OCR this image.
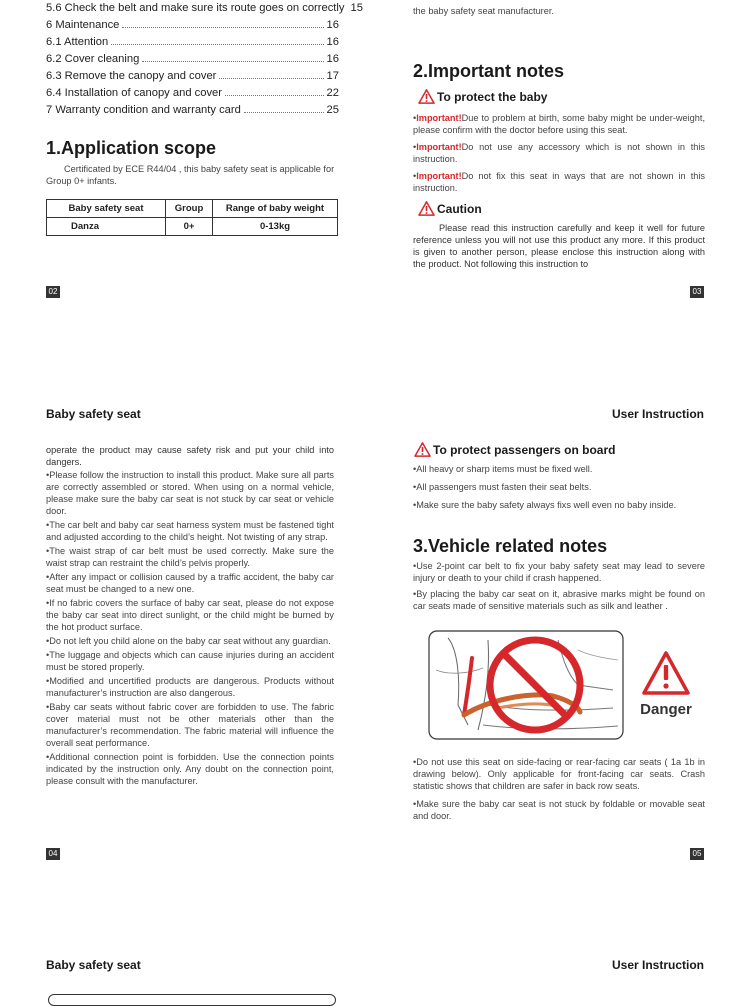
5.6 Check the belt and make sure its route goes on correctly 15
6 Maintenance	16
6.1 Attention	16
6.2 Cover cleaning	16
6.3 Remove the canopy and cover	17
6.4 Installation of canopy and cover	22
7 Warranty condition and warranty card	25
1.Application scope
Certificated by ECE R44/04 , this baby safety seat is applicable for Group 0+ infants.
Baby safety seat	Group	Range of baby weight
Danza	0+	0-13kg
02
the baby safety seat manufacturer.
2.Important notes
To protect the baby
•Important!Due to problem at birth, some baby might be under-weight, please confirm with the doctor before using this seat.
•Important!Do not use any accessory which is not shown in this instruction.
•Important!Do not fix this seat in ways that are not shown in this instruction.
Caution
Please read this instruction carefully and keep it well for future reference unless you will not use this product any more. If this product is given to another person, please enclose this instruction along with the product. Not following this instruction to
03
Baby safety seat
operate the product may cause safety risk and put your child into dangers.
•Please follow the instruction to install this product. Make sure all parts are correctly assembled or stored. When using on a normal vehicle, please make sure the baby car seat is not stuck by car seat or vehicle door.
•The car belt and baby car seat harness system must be fastened tight and adjusted according to the child’s height. Not twisting of any strap.
•The waist strap of car belt must be used correctly. Make sure the waist strap can restraint the child’s pelvis properly.
•After any impact or collision caused by a traffic accident, the baby car seat must be changed to a new one.
•If no fabric covers the surface of baby car seat, please do not expose the baby car seat into direct sunlight, or the child might be burned by the hot product surface.
•Do not left you child alone on the baby car seat without any guardian.
•The luggage and objects which can cause injuries during an accident must be stored properly.
•Modified and uncertified products are dangerous. Products without manufacturer’s instruction are also dangerous.
•Baby car seats without fabric cover are forbidden to use. The fabric cover material must not be other materials other than the manufacturer’s recommendation. The fabric material will influence the overall seat performance.
•Additional connection point is forbidden. Use the connection points indicated by the instruction only. Any doubt on the connection point, please consult with the manufacturer.
04
User Instruction
To protect passengers on board
•All heavy or sharp items must be fixed well.
•All passengers must fasten their seat belts.
•Make sure the baby safety always fixs well even no baby inside.
3.Vehicle related notes
•Use 2-point car belt to fix your baby safety seat may lead to severe injury or death to your child if crash happened.
•By placing the baby car seat on it, abrasive marks might be found on car seats made of sensitive materials such as silk and leather .
Danger
•Do not use this seat on side-facing or rear-facing car seats ( 1a 1b in drawing below). Only applicable for front-facing car seats. Crash statistic shows that children are safer in back row seats.
•Make sure the baby car seat is not stuck by foldable or movable seat and door.
05
Baby safety seat	User Instruction
